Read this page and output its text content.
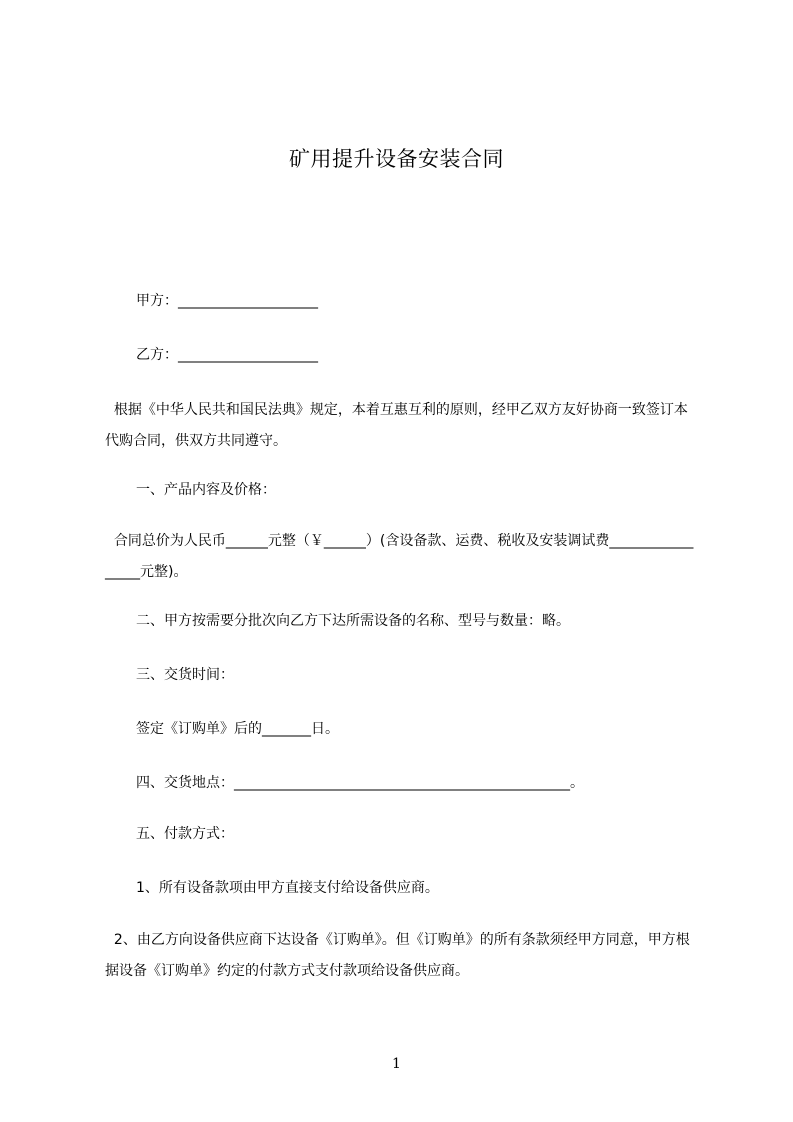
矿用提升设备安装合同
甲方：____________________
乙方：____________________
根据《中华人民共和国民法典》规定，本着互惠互利的原则，经甲乙双方友好协商一致签订本代购合同，供双方共同遵守。
一、产品内容及价格：
合同总价为人民币______元整（￥______）(含设备款、运费、税收及安装调试费_________________元整)。
二、甲方按需要分批次向乙方下达所需设备的名称、型号与数量：略。
三、交货时间：
签定《订购单》后的_______日。
四、交货地点：________________________________________________。
五、付款方式：
1、所有设备款项由甲方直接支付给设备供应商。
2、由乙方向设备供应商下达设备《订购单》。但《订购单》的所有条款须经甲方同意，甲方根据设备《订购单》约定的付款方式支付款项给设备供应商。
1
